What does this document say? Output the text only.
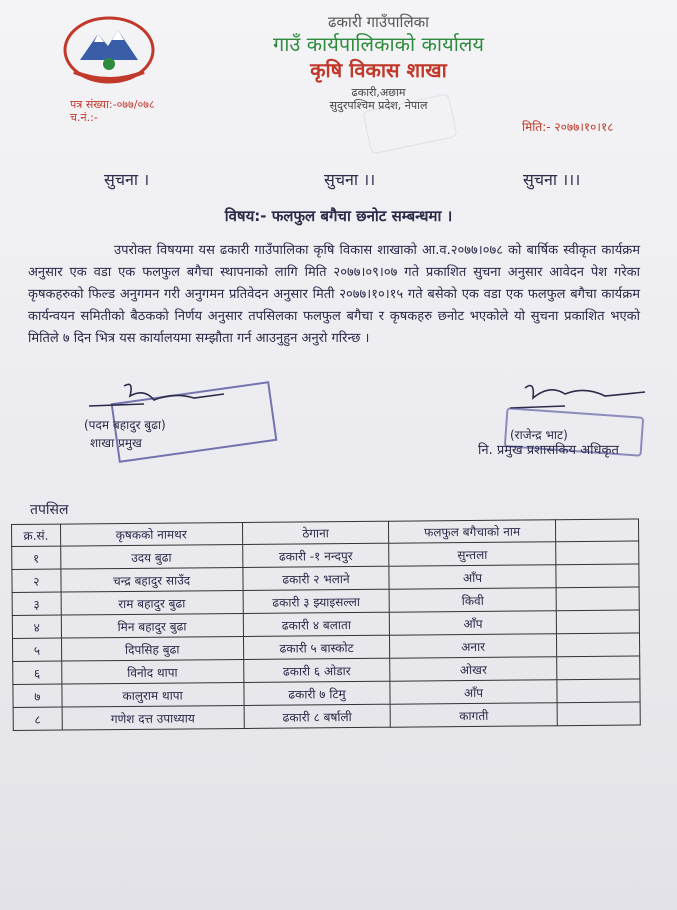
ढकारी गाउँपालिका
गाउँ कार्यपालिकाको कार्यालय
कृषि विकास शाखा
ढकारी,अछाम
सुदुरपश्चिम प्रदेश, नेपाल
पत्र संख्या:-०७७/०७८
च.नं.:-
मिति:- २०७७।१०।१८
सुचना ।	सुचना ।।	सुचना ।।।
विषय:- फलफुल बगैचा छनोट सम्बन्धमा ।
उपरोक्त विषयमा यस ढकारी गाउँपालिका कृषि विकास शाखाको आ.व.२०७७।०७८ को बार्षिक स्वीकृत कार्यक्रम अनुसार एक वडा एक फलफुल बगैचा स्थापनाको लागि मिति २०७७।०९।०७ गते प्रकाशित सुचना अनुसार आवेदन पेश गरेका कृषकहरुको फिल्ड अनुगमन गरी अनुगमन प्रतिवेदन अनुसार मिती २०७७।१०।१५ गते बसेको एक वडा एक फलफुल बगैचा कार्यक्रम कार्यन्वयन समितीको बैठकको निर्णय अनुसार तपसिलका फलफुल बगैचा र कृषकहरु छनोट भएकोले यो सुचना प्रकाशित भएको मितिले ७ दिन भित्र यस कार्यालयमा सम्झौता गर्न आउनुहुन अनुरो गरिन्छ ।
(पदम बहादुर बुढा)
शाखा प्रमुख
(राजेन्द्र भाट)
नि. प्रमुख प्रशासकिय अधिकृत
तपसिल
क्र.सं.	कृषकको नामथर	ठेगाना	फलफुल बगैचाको नाम	
१	उदय बुढा	ढकारी -१ नन्दपुर	सुन्तला	
२	चन्द्र बहादुर साउँद	ढकारी २ भलाने	आँप	
३	राम बहादुर बुढा	ढकारी ३ झ्याइसल्ला	किवी	
४	मिन बहादुर बुढा	ढकारी ४ बलाता	आँप	
५	दिपसिह बुढा	ढकारी ५ बास्कोट	अनार	
६	विनोद थापा	ढकारी ६ ओडार	ओखर	
७	कालुराम थापा	ढकारी ७ टिमु	आँप	
८	गणेश दत्त उपाध्याय	ढकारी ८ बर्षाली	कागती	
